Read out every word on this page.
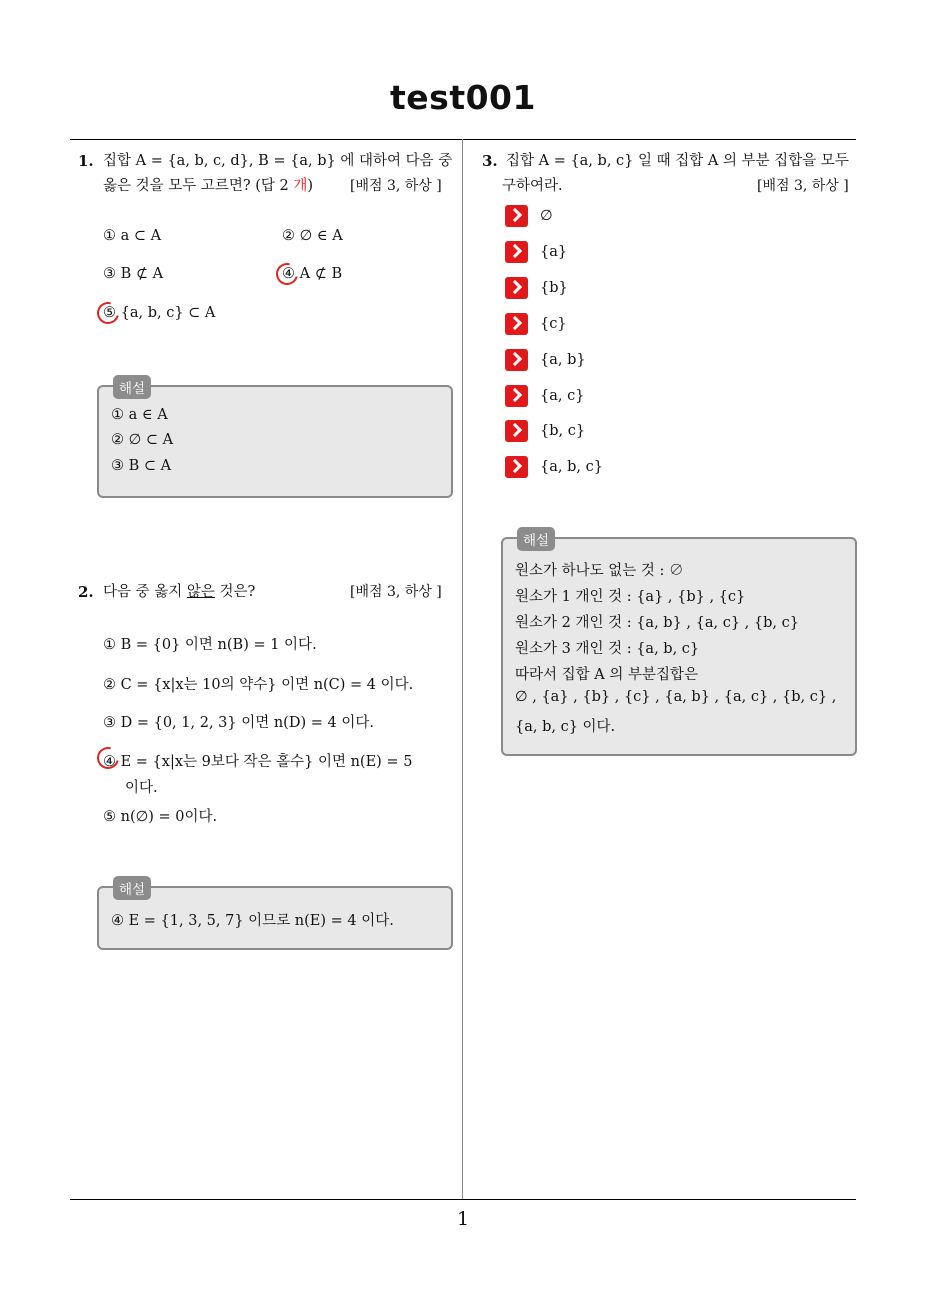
test001
1. 집합 A = {a, b, c, d}, B = {a, b} 에 대하여 다음 중
옳은 것을 모두 고르면? (답 2 개)	[배점 3, 하상 ]
① a ⊂ A	② ∅ ∈ A
③ B ⊄ A	④ A ⊄ B
⑤ {a, b, c} ⊂ A
해설
① a ∈ A
② ∅ ⊂ A
③ B ⊂ A
2. 다음 중 옳지 않은 것은?	[배점 3, 하상 ]
① B = {0} 이면 n(B) = 1 이다.
② C = {x|x는 10의 약수} 이면 n(C) = 4 이다.
③ D = {0, 1, 2, 3} 이면 n(D) = 4 이다.
④ E = {x|x는 9보다 작은 홀수} 이면 n(E) = 5
이다.
⑤ n(∅) = 0이다.
해설
④ E = {1, 3, 5, 7} 이므로 n(E) = 4 이다.
3. 집합 A = {a, b, c} 일 때 집합 A 의 부분 집합을 모두
구하여라.	[배점 3, 하상 ]
∅
{a}
{b}
{c}
{a, b}
{a, c}
{b, c}
{a, b, c}
해설
원소가 하나도 없는 것 : ∅
원소가 1 개인 것 : {a} , {b} , {c}
원소가 2 개인 것 : {a, b} , {a, c} , {b, c}
원소가 3 개인 것 : {a, b, c}
따라서 집합 A 의 부분집합은
∅ , {a} , {b} , {c} , {a, b} , {a, c} , {b, c} ,
{a, b, c} 이다.
1
